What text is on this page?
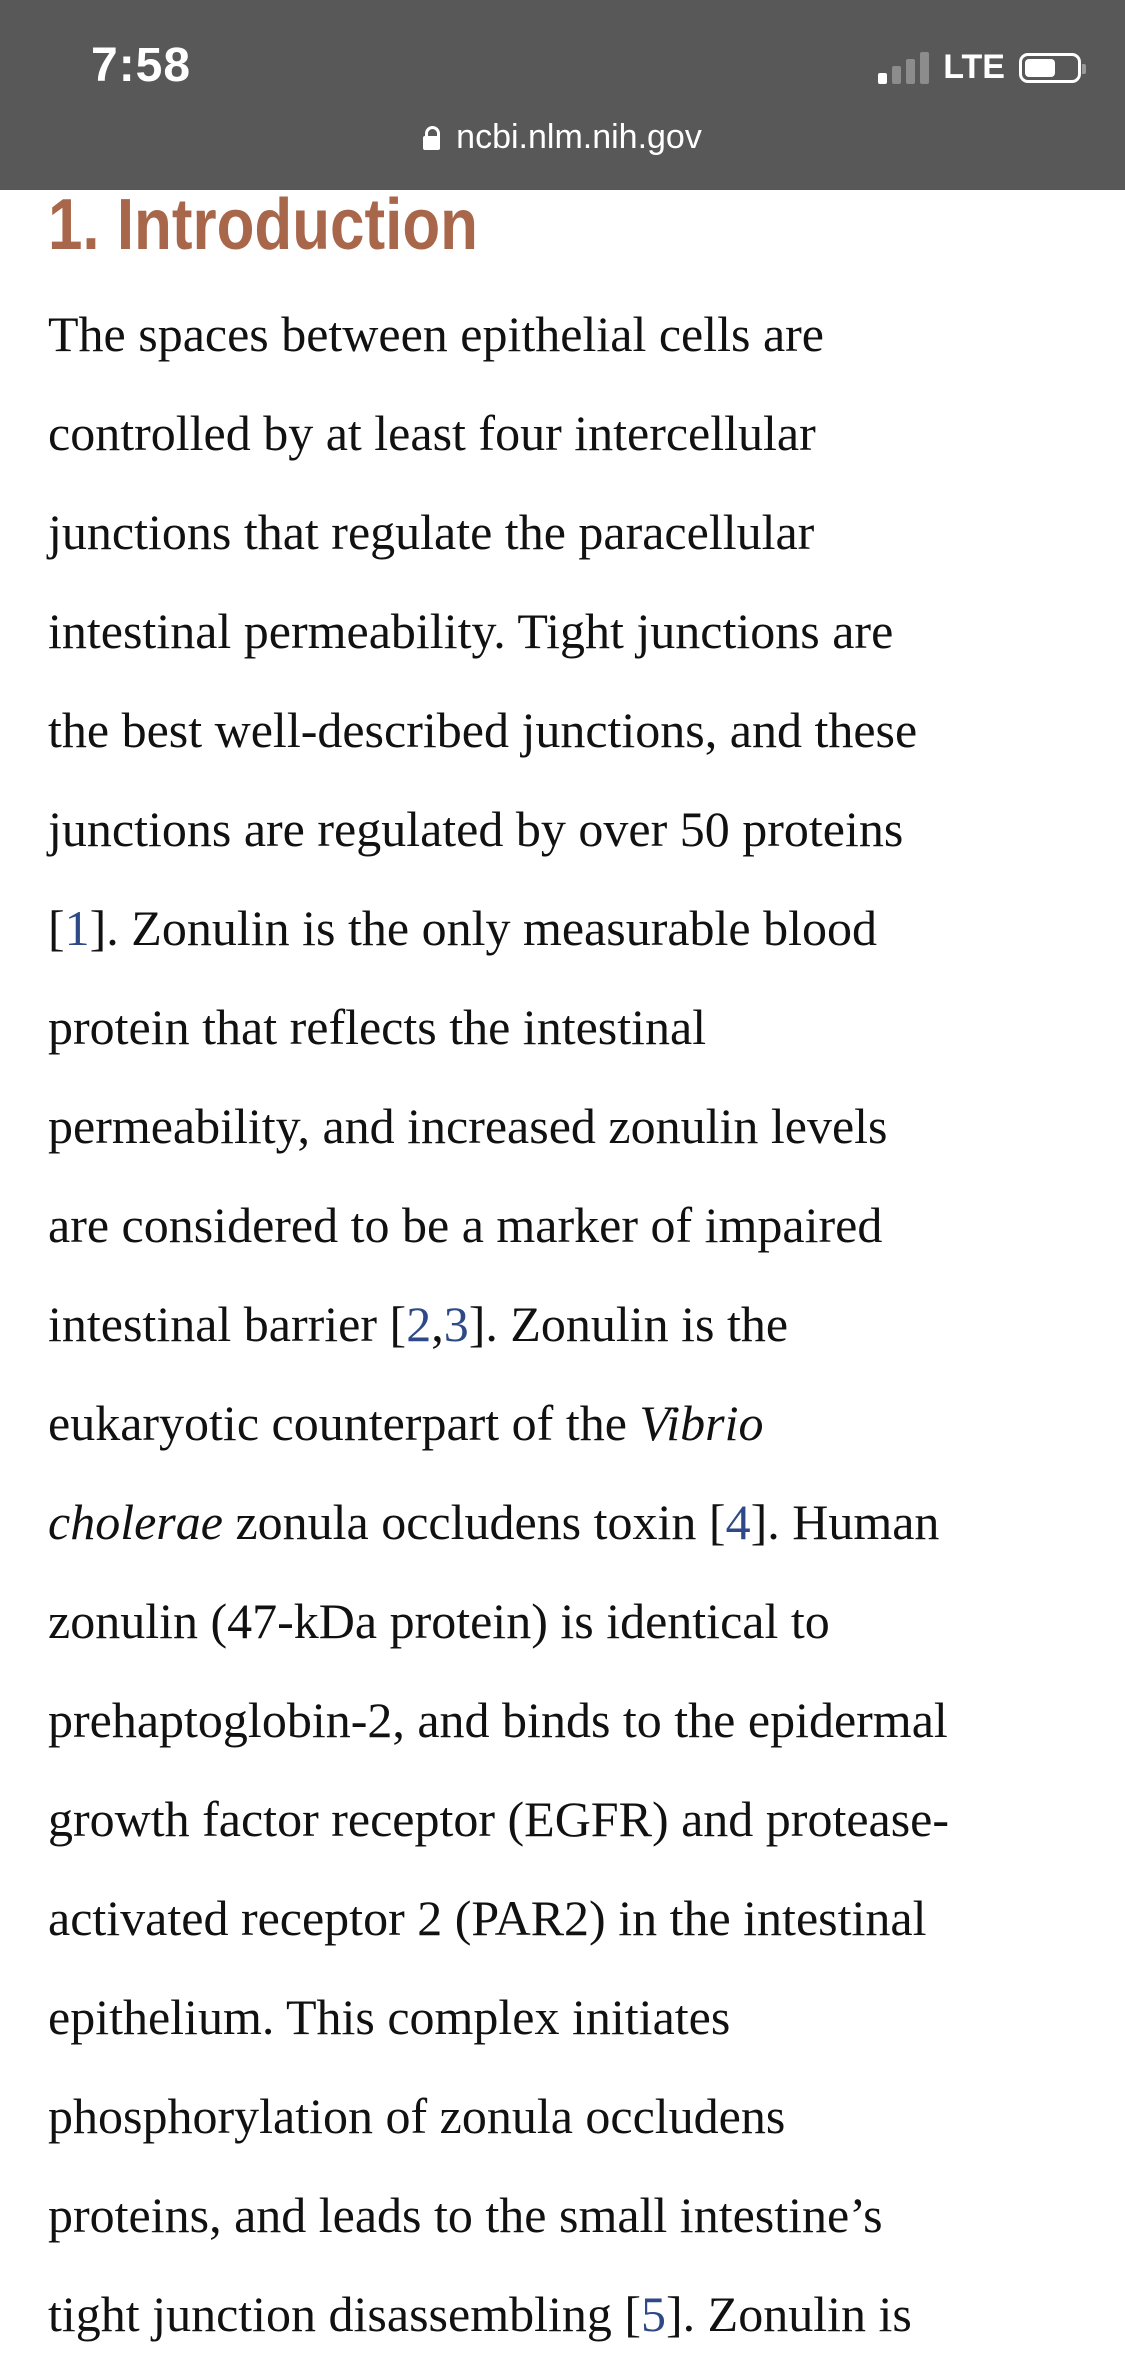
7:58	LTE
ncbi.nlm.nih.gov
1. Introduction
The spaces between epithelial cells are
controlled by at least four intercellular
junctions that regulate the paracellular
intestinal permeability. Tight junctions are
the best well-described junctions, and these
junctions are regulated by over 50 proteins
[1]. Zonulin is the only measurable blood
protein that reflects the intestinal
permeability, and increased zonulin levels
are considered to be a marker of impaired
intestinal barrier [2,3]. Zonulin is the
eukaryotic counterpart of the Vibrio
cholerae zonula occludens toxin [4]. Human
zonulin (47-kDa protein) is identical to
prehaptoglobin-2, and binds to the epidermal
growth factor receptor (EGFR) and protease-
activated receptor 2 (PAR2) in the intestinal
epithelium. This complex initiates
phosphorylation of zonula occludens
proteins, and leads to the small intestine’s
tight junction disassembling [5]. Zonulin is
